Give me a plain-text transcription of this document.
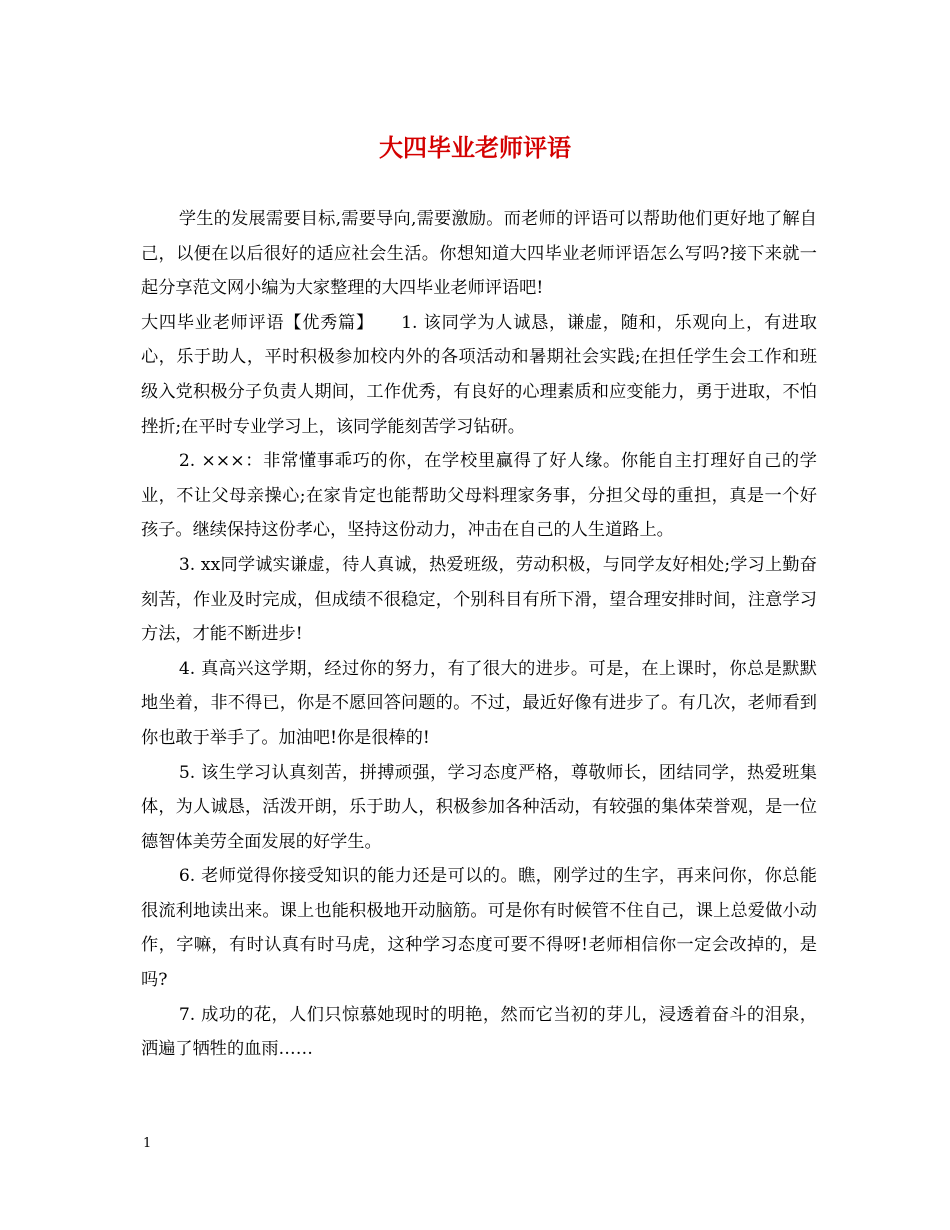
大四毕业老师评语

学生的发展需要目标,需要导向,需要激励。而老师的评语可以帮助他们更好地了解自己，以便在以后很好的适应社会生活。你想知道大四毕业老师评语怎么写吗?接下来就一起分享范文网小编为大家整理的大四毕业老师评语吧!

大四毕业老师评语【优秀篇】　　1. 该同学为人诚恳，谦虚，随和，乐观向上，有进取心，乐于助人，平时积极参加校内外的各项活动和暑期社会实践;在担任学生会工作和班级入党积极分子负责人期间，工作优秀，有良好的心理素质和应变能力，勇于进取，不怕挫折;在平时专业学习上，该同学能刻苦学习钻研。

2. ×××：非常懂事乖巧的你，在学校里赢得了好人缘。你能自主打理好自己的学业，不让父母亲操心;在家肯定也能帮助父母料理家务事，分担父母的重担，真是一个好孩子。继续保持这份孝心，坚持这份动力，冲击在自己的人生道路上。

3. xx同学诚实谦虚，待人真诚，热爱班级，劳动积极，与同学友好相处;学习上勤奋刻苦，作业及时完成，但成绩不很稳定，个别科目有所下滑，望合理安排时间，注意学习方法，才能不断进步!

4. 真高兴这学期，经过你的努力，有了很大的进步。可是，在上课时，你总是默默地坐着，非不得已，你是不愿回答问题的。不过，最近好像有进步了。有几次，老师看到你也敢于举手了。加油吧!你是很棒的!

5. 该生学习认真刻苦，拼搏顽强，学习态度严格，尊敬师长，团结同学，热爱班集体，为人诚恳，活泼开朗，乐于助人，积极参加各种活动，有较强的集体荣誉观，是一位德智体美劳全面发展的好学生。

6. 老师觉得你接受知识的能力还是可以的。瞧，刚学过的生字，再来问你，你总能很流利地读出来。课上也能积极地开动脑筋。可是你有时候管不住自己，课上总爱做小动作，字嘛，有时认真有时马虎，这种学习态度可要不得呀!老师相信你一定会改掉的，是吗?

7. 成功的花，人们只惊慕她现时的明艳，然而它当初的芽儿，浸透着奋斗的泪泉，洒遍了牺牲的血雨……

1
